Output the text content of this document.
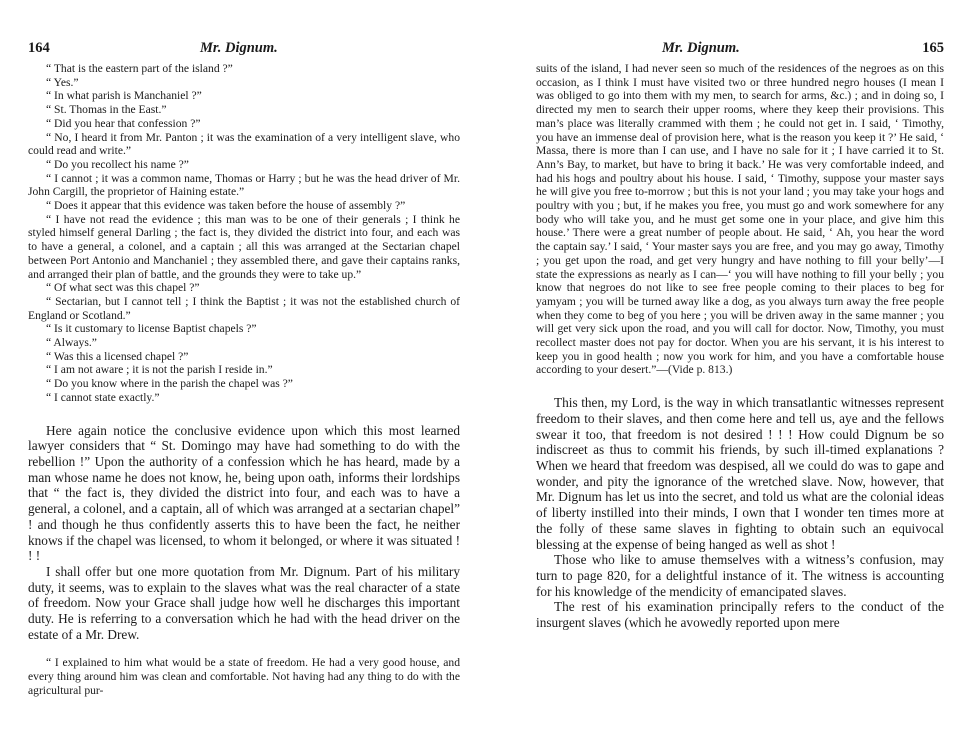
164	Mr. Dignum.

“ That is the eastern part of the island ?”

“ Yes.”

“ In what parish is Manchaniel ?”

“ St. Thomas in the East.”

“ Did you hear that confession ?”

“ No, I heard it from Mr. Panton ; it was the examination of a very intelligent slave, who could read and write.”

“ Do you recollect his name ?”

“ I cannot ; it was a common name, Thomas or Harry ; but he was the head driver of Mr. John Cargill, the proprietor of Haining estate.”

“ Does it appear that this evidence was taken before the house of assembly ?”

“ I have not read the evidence ; this man was to be one of their generals ; I think he styled himself general Darling ; the fact is, they divided the district into four, and each was to have a general, a colonel, and a captain ; all this was arranged at the Sectarian chapel between Port Antonio and Manchaniel ; they assembled there, and gave their captains ranks, and arranged their plan of battle, and the grounds they were to take up.”

“ Of what sect was this chapel ?”

“ Sectarian, but I cannot tell ; I think the Baptist ; it was not the established church of England or Scotland.”

“ Is it customary to license Baptist chapels ?”

“ Always.”

“ Was this a licensed chapel ?”

“ I am not aware ; it is not the parish I reside in.”

“ Do you know where in the parish the chapel was ?”

“ I cannot state exactly.”

Here again notice the conclusive evidence upon which this most learned lawyer considers that “ St. Domingo may have had something to do with the rebellion !” Upon the authority of a confession which he has heard, made by a man whose name he does not know, he, being upon oath, informs their lordships that “ the fact is, they divided the district into four, and each was to have a general, a colonel, and a captain, all of which was arranged at a sectarian chapel” ! and though he thus confidently asserts this to have been the fact, he neither knows if the chapel was licensed, to whom it belonged, or where it was situated ! ! !

I shall offer but one more quotation from Mr. Dignum. Part of his military duty, it seems, was to explain to the slaves what was the real character of a state of freedom. Now your Grace shall judge how well he discharges this important duty. He is referring to a conversation which he had with the head driver on the estate of a Mr. Drew.

“ I explained to him what would be a state of freedom. He had a very good house, and every thing around him was clean and comfortable. Not having had any thing to do with the agricultural pur-

Mr. Dignum.	165

suits of the island, I had never seen so much of the residences of the negroes as on this occasion, as I think I must have visited two or three hundred negro houses (I mean I was obliged to go into them with my men, to search for arms, &c.) ; and in doing so, I directed my men to search their upper rooms, where they keep their provisions. This man’s place was literally crammed with them ; he could not get in. I said, ‘ Timothy, you have an immense deal of provision here, what is the reason you keep it ?’ He said, ‘ Massa, there is more than I can use, and I have no sale for it ; I have carried it to St. Ann’s Bay, to market, but have to bring it back.’ He was very comfortable indeed, and had his hogs and poultry about his house. I said, ‘ Timothy, suppose your master says he will give you free to-morrow ; but this is not your land ; you may take your hogs and poultry with you ; but, if he makes you free, you must go and work somewhere for any body who will take you, and he must get some one in your place, and give him this house.’ There were a great number of people about. He said, ‘ Ah, you hear the word the captain say.’ I said, ‘ Your master says you are free, and you may go away, Timothy ; you get upon the road, and get very hungry and have nothing to fill your belly’—I state the expressions as nearly as I can—‘ you will have nothing to fill your belly ; you know that negroes do not like to see free people coming to their places to beg for yamyam ; you will be turned away like a dog, as you always turn away the free people when they come to beg of you here ; you will be driven away in the same manner ; you will get very sick upon the road, and you will call for doctor. Now, Timothy, you must recollect master does not pay for doctor. When you are his servant, it is his interest to keep you in good health ; now you work for him, and you have a comfortable house according to your desert.”—(Vide p. 813.)

This then, my Lord, is the way in which transatlantic witnesses represent freedom to their slaves, and then come here and tell us, aye and the fellows swear it too, that freedom is not desired ! ! ! How could Dignum be so indiscreet as thus to commit his friends, by such ill-timed explanations ? When we heard that freedom was despised, all we could do was to gape and wonder, and pity the ignorance of the wretched slave. Now, however, that Mr. Dignum has let us into the secret, and told us what are the colonial ideas of liberty instilled into their minds, I own that I wonder ten times more at the folly of these same slaves in fighting to obtain such an equivocal blessing at the expense of being hanged as well as shot !

Those who like to amuse themselves with a witness’s confusion, may turn to page 820, for a delightful instance of it. The witness is accounting for his knowledge of the mendicity of emancipated slaves.

The rest of his examination principally refers to the conduct of the insurgent slaves (which he avowedly reported upon mere
